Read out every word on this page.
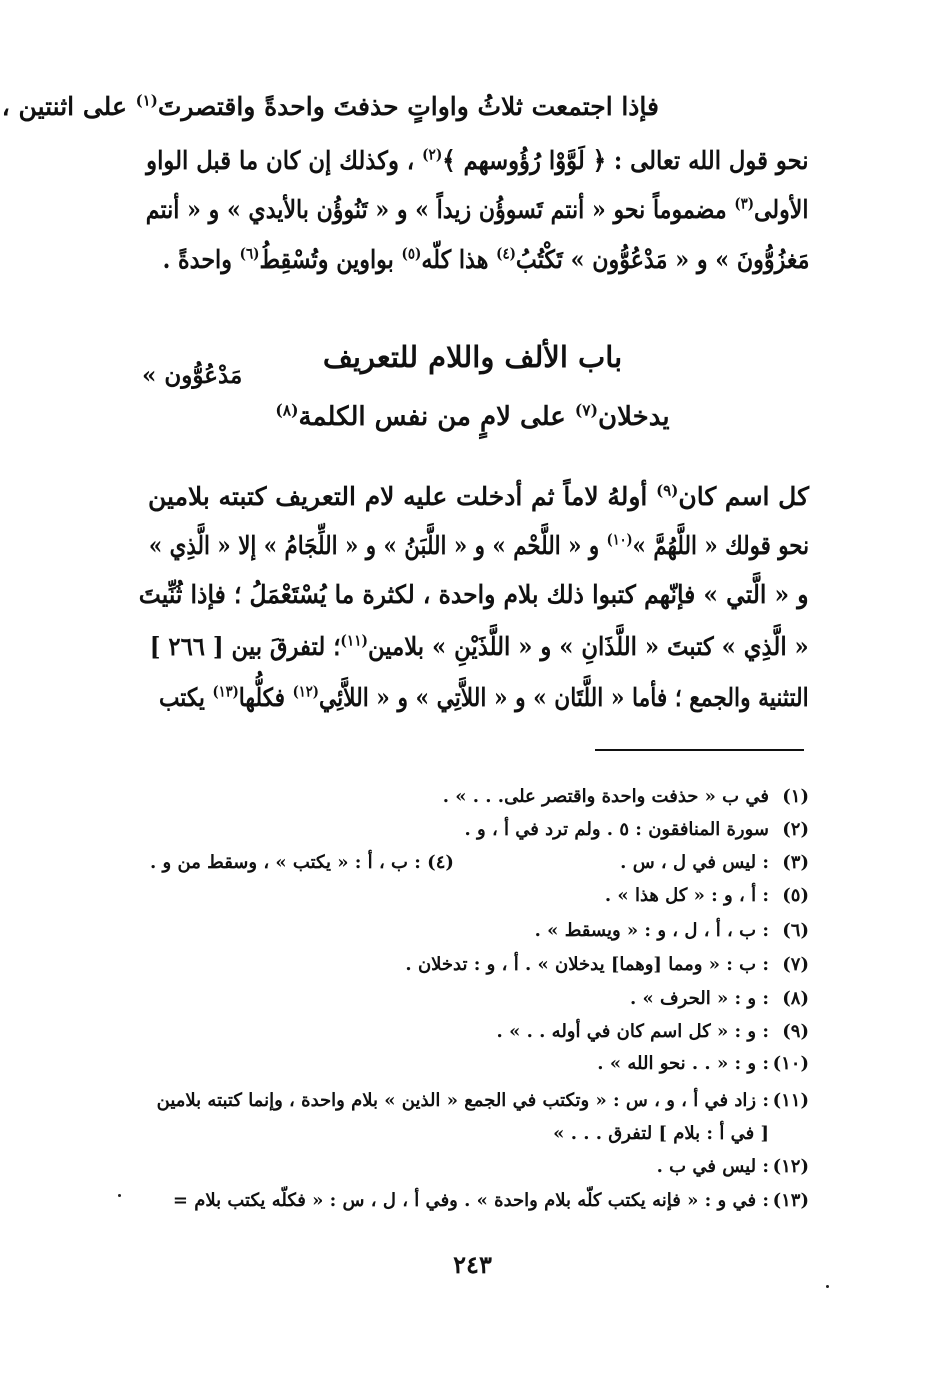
فإذا اجتمعت ثلاثُ واواتٍ حذفتَ واحدةً واقتصرتَ$^{(١)}$ على اثنتين ،
نحو قول الله تعالى : ﴿ لَوَّوْا رُؤُوسهم ﴾$^{(٢)}$ ، وكذلك إن كان ما قبل الواو
الأولى$^{(٣)}$ مضموماً نحو « أنتم تَسوؤُن زيداً » و « تَنُوؤُن بالأيدي » و « أنتم
مَغزُوُّونَ » و « مَدْعُوُّون » تَكْتُبُ$^{(٤)}$ هذا كلّه$^{(٥)}$ بواوين وتُسْقِطُ$^{(٦)}$ واحدةً .
مَدْعُوُّون »
باب الألف واللام للتعريف
يدخلان$^{(٧)}$ على لامٍ من نفس الكلمة$^{(٨)}$
كل اسم كان$^{(٩)}$ أولهُ لاماً ثم أدخلت عليه لام التعريف كتبته بلامين
نحو قولك « اللَّهُمَّ »$^{(١٠)}$ و « اللَّحْم » و « اللَّبَنُ » و « اللِّجَامُ » إلا « الَّذِي »
و « الَّتي » فإنّهم كتبوا ذلك بلام واحدة ، لكثرة ما يُسْتَعْمَلُ ؛ فإذا ثُنِّيتَ
« الَّذِي » كتبتَ « اللَّذَانِ » و « اللَّذَيْنِ » بلامين$^{(١١)}$؛ لتفرقَ بين [ ٢٦٦ ]
التثنية والجمع ؛ فأما « اللَّتَان » و « اللاَّتِي » و « اللاَّئِي$^{(١٢)}$ فكلُّها$^{(١٣)}$ يكتب
(١)في ب « حذفت واحدة واقتصر على. . . » .
(٢)سورة المنافقون : ٥ . ولم ترد في أ ، و .
(٣): ليس في ل ، س .
(٤) : ب ، أ : « يكتب » ، وسقط من و .
(٥): أ ، و : « كل هذا » .
(٦): ب ، أ ، ل ، و : « ويسقط » .
(٧): ب : « ومما [وهما] يدخلان » . أ ، و : تدخلان .
(٨): و : « الحرف » .
(٩): و : « كل اسم كان في أوله . . » .
(١٠): و : « . . نحو الله » .
(١١): زاد في أ ، و ، س : « وتكتب في الجمع « الذين » بلام واحدة ، وإنما كتبته بلامين
[ في أ : بلام ] لتفرق . . . »
(١٢): ليس في ب .
(١٣): في و : « فإنه يكتب كلّه بلام واحدة » . وفي أ ، ل ، س : « فكلّه يكتب بلام =
٢٤٣
